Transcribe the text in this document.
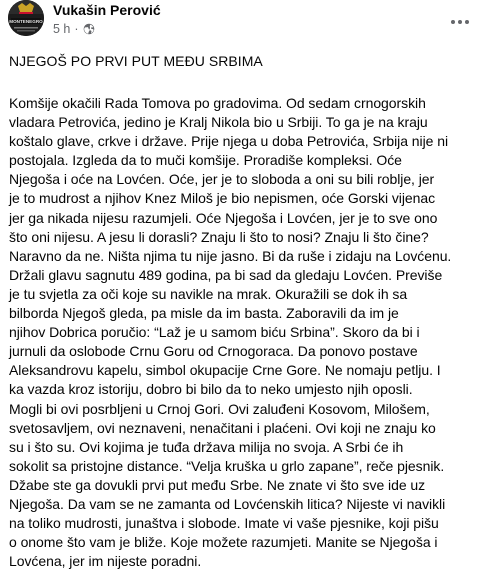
MONTENEGRO
Vukašin Perović
5 h ·
NJEGOŠ PO PRVI PUT MEĐU SRBIMA
Komšije okačili Rada Tomova po gradovima. Od sedam crnogorskih
vladara Petrovića, jedino je Kralj Nikola bio u Srbiji. To ga je na kraju
koštalo glave, crkve i države. Prije njega u doba Petrovića, Srbija nije ni
postojala. Izgleda da to muči komšije. Proradiše kompleksi. Oće
Njegoša i oće na Lovćen. Oće, jer je to sloboda a oni su bili roblje, jer
je to mudrost a njihov Knez Miloš je bio nepismen, oće Gorski vijenac
jer ga nikada nijesu razumjeli. Oće Njegoša i Lovćen, jer je to sve ono
što oni nijesu. A jesu li dorasli? Znaju li što to nosi? Znaju li što čine?
Naravno da ne. Ništa njima tu nije jasno. Bi da ruše i zidaju na Lovćenu.
Držali glavu sagnutu 489 godina, pa bi sad da gledaju Lovćen. Previše
je tu svjetla za oči koje su navikle na mrak. Okuražili se dok ih sa
bilborda Njegoš gleda, pa misle da im basta. Zaboravili da im je
njihov Dobrica poručio: “Laž je u samom biću Srbina”. Skoro da bi i
jurnuli da oslobode Crnu Goru od Crnogoraca. Da ponovo postave
Aleksandrovu kapelu, simbol okupacije Crne Gore. Ne nomaju petlju. I
ka vazda kroz istoriju, dobro bi bilo da to neko umjesto njih oposli.
Mogli bi ovi posrbljeni u Crnoj Gori. Ovi zaluđeni Kosovom, Milošem,
svetosavljem, ovi neznaveni, nenačitani i plaćeni. Ovi koji ne znaju ko
su i što su. Ovi kojima je tuđa država milija no svoja. A Srbi će ih
sokolit sa pristojne distance. “Velja kruška u grlo zapane”, reče pjesnik.
Džabe ste ga dovukli prvi put među Srbe. Ne znate vi što sve ide uz
Njegoša. Da vam se ne zamanta od Lovćenskih litica? Nijeste vi navikli
na toliko mudrosti, junaštva i slobode. Imate vi vaše pjesnike, koji pišu
o onome što vam je bliže. Koje možete razumjeti. Manite se Njegoša i
Lovćena, jer im nijeste poradni.
